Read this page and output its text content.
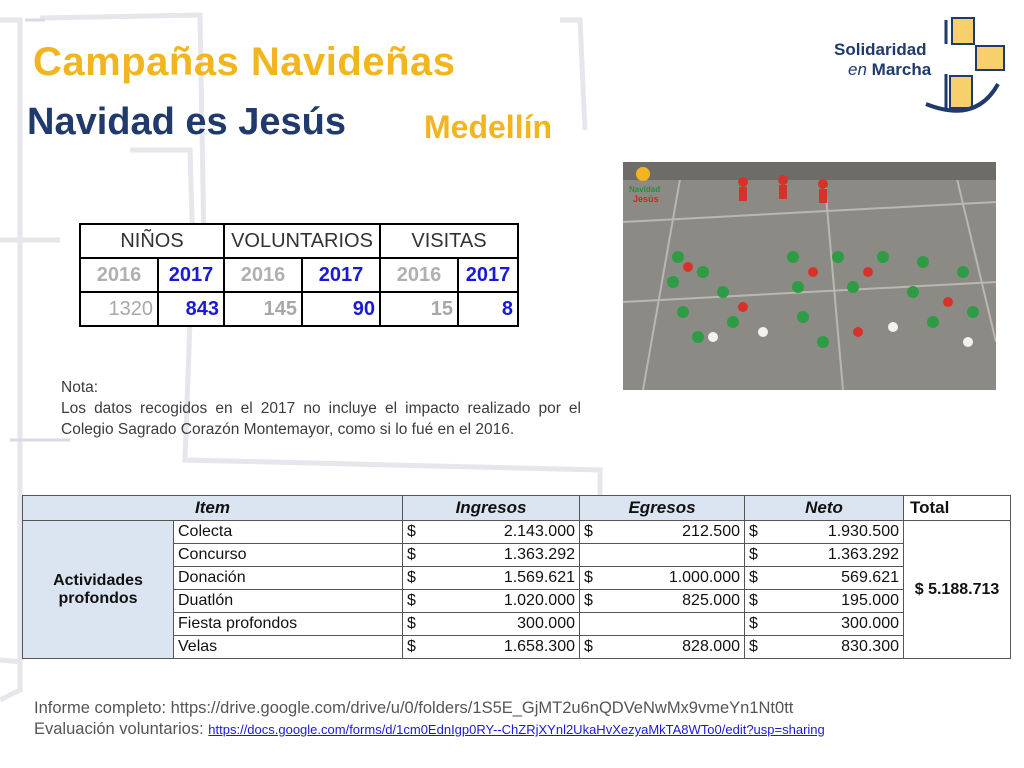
Campañas Navideñas
Navidad es Jesús Medellín
Solidaridad
en Marcha
NIÑOS		VOLUNTARIOS		VISITAS	
2016	2017	2016	2017	2016	2017
1320	843	145	90	15	8
Navidad
Jesús
Nota:
Los datos recogidos en el 2017 no incluye el impacto realizado por el Colegio Sagrado Corazón Montemayor, como si lo fué en el 2016.
Item		Ingresos		Egresos		Neto		Total
Actividades profondos	Colecta	$	2.143.000	$	212.500	$	1.930.500	$ 5.188.713
	Concurso	$	1.363.292			$	1.363.292	
	Donación	$	1.569.621	$	1.000.000	$	569.621	
	Duatlón	$	1.020.000	$	825.000	$	195.000	
	Fiesta profondos	$	300.000			$	300.000	
	Velas	$	1.658.300	$	828.000	$	830.300	
Informe completo: https://drive.google.com/drive/u/0/folders/1S5E_GjMT2u6nQDVeNwMx9vmeYn1Nt0tt
Evaluación voluntarios: https://docs.google.com/forms/d/1cm0EdnIgp0RY--ChZRjXYnl2UkaHvXezyaMkTA8WTo0/edit?usp=sharing
